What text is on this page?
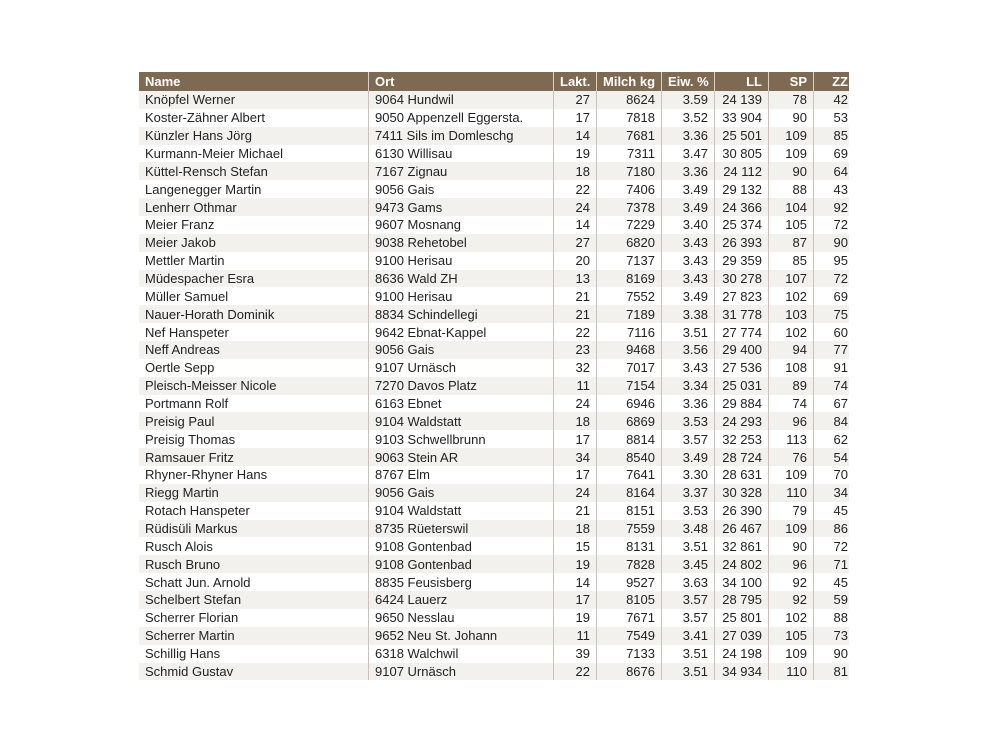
Name	Ort	Lakt.	Milch kg	Eiw. %	LL	SP	ZZ
Knöpfel Werner	9064 Hundwil	27	8624	3.59	24 139	78	42
Koster-Zähner Albert	9050 Appenzell Eggersta.	17	7818	3.52	33 904	90	53
Künzler Hans Jörg	7411 Sils im Domleschg	14	7681	3.36	25 501	109	85
Kurmann-Meier Michael	6130 Willisau	19	7311	3.47	30 805	109	69
Küttel-Rensch Stefan	7167 Zignau	18	7180	3.36	24 112	90	64
Langenegger Martin	9056 Gais	22	7406	3.49	29 132	88	43
Lenherr Othmar	9473 Gams	24	7378	3.49	24 366	104	92
Meier Franz	9607 Mosnang	14	7229	3.40	25 374	105	72
Meier Jakob	9038 Rehetobel	27	6820	3.43	26 393	87	90
Mettler Martin	9100 Herisau	20	7137	3.43	29 359	85	95
Müdespacher Esra	8636 Wald ZH	13	8169	3.43	30 278	107	72
Müller Samuel	9100 Herisau	21	7552	3.49	27 823	102	69
Nauer-Horath Dominik	8834 Schindellegi	21	7189	3.38	31 778	103	75
Nef Hanspeter	9642 Ebnat-Kappel	22	7116	3.51	27 774	102	60
Neff Andreas	9056 Gais	23	9468	3.56	29 400	94	77
Oertle Sepp	9107 Urnäsch	32	7017	3.43	27 536	108	91
Pleisch-Meisser Nicole	7270 Davos Platz	11	7154	3.34	25 031	89	74
Portmann Rolf	6163 Ebnet	24	6946	3.36	29 884	74	67
Preisig Paul	9104 Waldstatt	18	6869	3.53	24 293	96	84
Preisig Thomas	9103 Schwellbrunn	17	8814	3.57	32 253	113	62
Ramsauer Fritz	9063 Stein AR	34	8540	3.49	28 724	76	54
Rhyner-Rhyner Hans	8767 Elm	17	7641	3.30	28 631	109	70
Riegg Martin	9056 Gais	24	8164	3.37	30 328	110	34
Rotach Hanspeter	9104 Waldstatt	21	8151	3.53	26 390	79	45
Rüdisüli Markus	8735 Rüeterswil	18	7559	3.48	26 467	109	86
Rusch Alois	9108 Gontenbad	15	8131	3.51	32 861	90	72
Rusch Bruno	9108 Gontenbad	19	7828	3.45	24 802	96	71
Schatt Jun. Arnold	8835 Feusisberg	14	9527	3.63	34 100	92	45
Schelbert Stefan	6424 Lauerz	17	8105	3.57	28 795	92	59
Scherrer Florian	9650 Nesslau	19	7671	3.57	25 801	102	88
Scherrer Martin	9652 Neu St. Johann	11	7549	3.41	27 039	105	73
Schillig Hans	6318 Walchwil	39	7133	3.51	24 198	109	90
Schmid Gustav	9107 Urnäsch	22	8676	3.51	34 934	110	81
